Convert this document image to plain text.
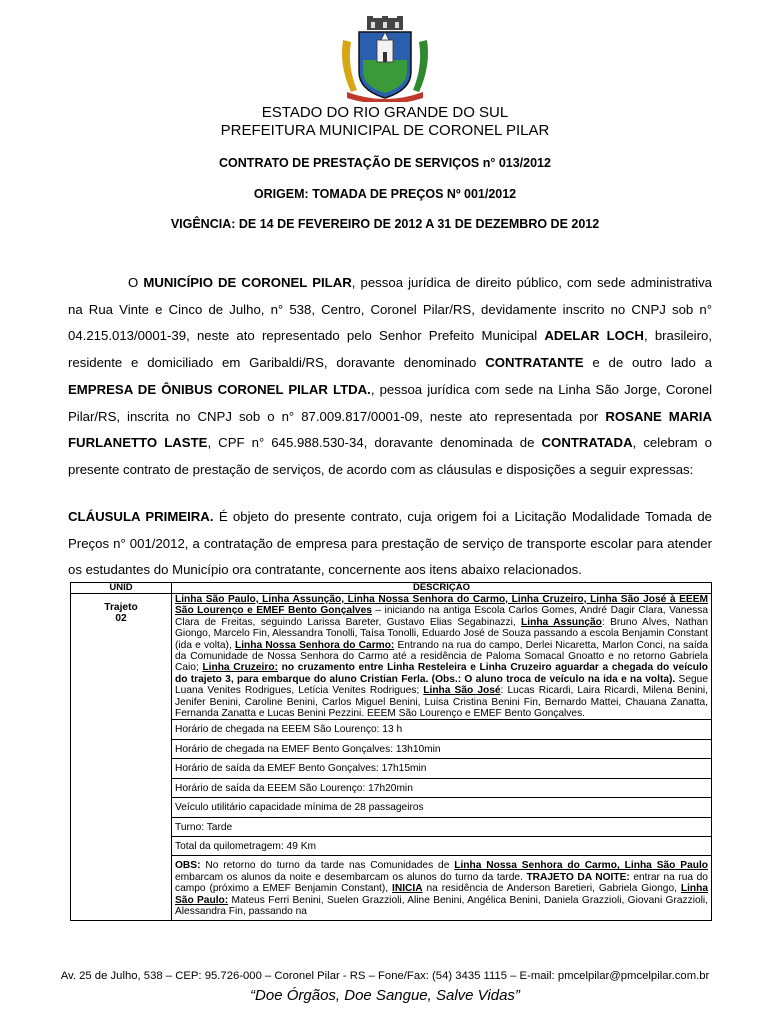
ESTADO DO RIO GRANDE DO SUL
PREFEITURA MUNICIPAL DE CORONEL PILAR
CONTRATO DE PRESTAÇÃO DE SERVIÇOS n° 013/2012
ORIGEM: TOMADA DE PREÇOS Nº 001/2012
VIGÊNCIA: DE 14 DE FEVEREIRO DE 2012 A 31 DE DEZEMBRO DE 2012

O MUNICÍPIO DE CORONEL PILAR, pessoa jurídica de direito público, com sede administrativa na Rua Vinte e Cinco de Julho, n° 538, Centro, Coronel Pilar/RS, devidamente inscrito no CNPJ sob n° 04.215.013/0001-39, neste ato representado pelo Senhor Prefeito Municipal ADELAR LOCH, brasileiro, residente e domiciliado em Garibaldi/RS, doravante denominado CONTRATANTE e de outro lado a EMPRESA DE ÔNIBUS CORONEL PILAR LTDA., pessoa jurídica com sede na Linha São Jorge, Coronel Pilar/RS, inscrita no CNPJ sob o n° 87.009.817/0001-09, neste ato representada por ROSANE MARIA FURLANETTO LASTE, CPF n° 645.988.530-34, doravante denominada de CONTRATADA, celebram o presente contrato de prestação de serviços, de acordo com as cláusulas e disposições a seguir expressas:

CLÁUSULA PRIMEIRA. É objeto do presente contrato, cuja origem foi a Licitação Modalidade Tomada de Preços n° 001/2012, a contratação de empresa para prestação de serviço de transporte escolar para atender os estudantes do Município ora contratante, concernente aos itens abaixo relacionados.

UNID	DESCRIÇÃO

Trajeto
02	Linha São Paulo, Linha Assunção, Linha Nossa Senhora do Carmo, Linha Cruzeiro, Linha São José à EEEM São Lourenço e EMEF Bento Gonçalves – iniciando na antiga Escola Carlos Gomes, André Dagir Clara, Vanessa Clara de Freitas, seguindo Larissa Bareter, Gustavo Elias Segabinazzi, Linha Assunção: Bruno Alves, Nathan Giongo, Marcelo Fin, Alessandra Tonolli, Taísa Tonolli, Eduardo José de Souza passando a escola Benjamin Constant (ida e volta), Linha Nossa Senhora do Carmo: Entrando na rua do campo, Derlei Nicaretta, Marlon Conci, na saída da Comunidade de Nossa Senhora do Carmo até a residência de Paloma Somacal Gnoatto e no retorno Gabriela Caio; Linha Cruzeiro: no cruzamento entre Linha Resteleira e Linha Cruzeiro aguardar a chegada do veículo do trajeto 3, para embarque do aluno Cristian Ferla. (Obs.: O aluno troca de veículo na ida e na volta). Segue Luana Venites Rodrigues, Letícia Venites Rodrigues; Linha São José: Lucas Ricardi, Laira Ricardi, Milena Benini, Jenifer Benini, Caroline Benini, Carlos Miguel Benini, Luisa Cristina Benini Fin, Bernardo Mattei, Chauana Zanatta, Fernanda Zanatta e Lucas Benini Pezzini. EEEM São Lourenço e EMEF Bento Gonçalves.
	Horário de chegada na EEEM São Lourenço: 13 h
	Horário de chegada na EMEF Bento Gonçalves: 13h10min
	Horário de saída da EMEF Bento Gonçalves: 17h15min
	Horário de saída da EEEM São Lourenço: 17h20min
	Veículo utilitário capacidade mínima de 28 passageiros
	Turno: Tarde
	Total da quilometragem: 49 Km
	OBS: No retorno do turno da tarde nas Comunidades de Linha Nossa Senhora do Carmo, Linha São Paulo embarcam os alunos da noite e desembarcam os alunos do turno da tarde. TRAJETO DA NOITE: entrar na rua do campo (próximo a EMEF Benjamin Constant), INICIA na residência de Anderson Baretieri, Gabriela Giongo, Linha São Paulo: Mateus Ferri Benini, Suelen Grazzioli, Aline Benini, Angélica Benini, Daniela Grazzioli, Giovani Grazzioli, Alessandra Fin, passando na
Av. 25 de Julho, 538 – CEP: 95.726-000 – Coronel Pilar - RS – Fone/Fax: (54) 3435 1115 – E-mail: pmcelpilar@pmcelpilar.com.br
“Doe Órgãos, Doe Sangue, Salve Vidas”
